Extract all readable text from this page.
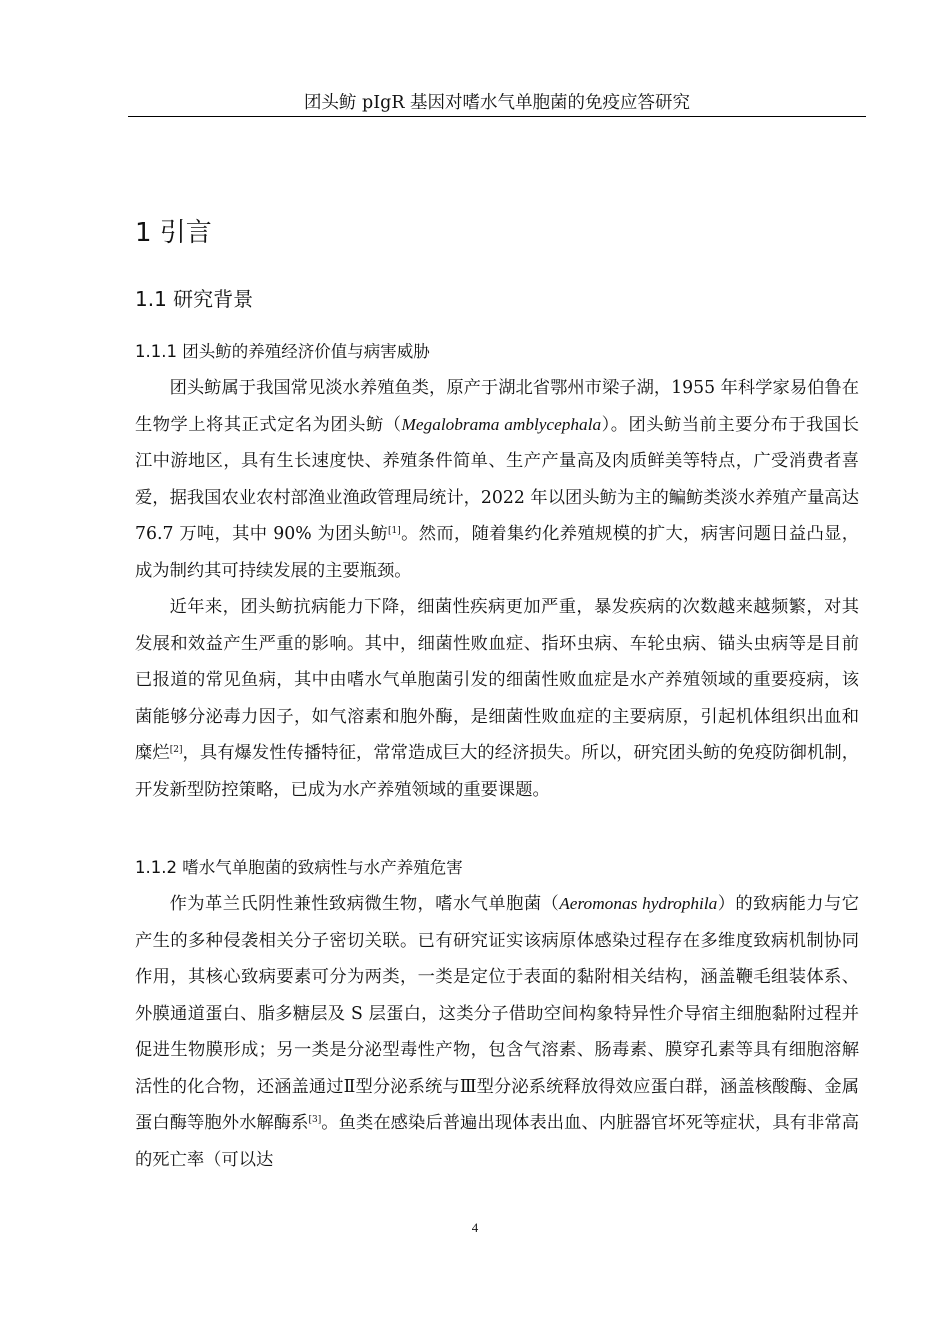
团头鲂 pIgR 基因对嗜水气单胞菌的免疫应答研究
1 引言
1.1 研究背景
1.1.1 团头鲂的养殖经济价值与病害威胁

团头鲂属于我国常见淡水养殖鱼类，原产于湖北省鄂州市梁子湖，1955 年科学家易伯鲁在生物学上将其正式定名为团头鲂（Megalobrama amblycephala）。团头鲂当前主要分布于我国长江中游地区，具有生长速度快、养殖条件简单、生产产量高及肉质鲜美等特点，广受消费者喜爱，据我国农业农村部渔业渔政管理局统计，2022 年以团头鲂为主的鳊鲂类淡水养殖产量高达 76.7 万吨，其中 90% 为团头鲂[1]。然而，随着集约化养殖规模的扩大，病害问题日益凸显，成为制约其可持续发展的主要瓶颈。

近年来，团头鲂抗病能力下降，细菌性疾病更加严重，暴发疾病的次数越来越频繁，对其发展和效益产生严重的影响。其中，细菌性败血症、指环虫病、车轮虫病、锚头虫病等是目前已报道的常见鱼病，其中由嗜水气单胞菌引发的细菌性败血症是水产养殖领域的重要疫病，该菌能够分泌毒力因子，如气溶素和胞外酶，是细菌性败血症的主要病原，引起机体组织出血和糜烂[2]，具有爆发性传播特征，常常造成巨大的经济损失。所以，研究团头鲂的免疫防御机制，开发新型防控策略，已成为水产养殖领域的重要课题。

1.1.2 嗜水气单胞菌的致病性与水产养殖危害

作为革兰氏阴性兼性致病微生物，嗜水气单胞菌（Aeromonas hydrophila）的致病能力与它产生的多种侵袭相关分子密切关联。已有研究证实该病原体感染过程存在多维度致病机制协同作用，其核心致病要素可分为两类，一类是定位于表面的黏附相关结构，涵盖鞭毛组装体系、外膜通道蛋白、脂多糖层及 S 层蛋白，这类分子借助空间构象特异性介导宿主细胞黏附过程并促进生物膜形成；另一类是分泌型毒性产物，包含气溶素、肠毒素、膜穿孔素等具有细胞溶解活性的化合物，还涵盖通过Ⅱ型分泌系统与Ⅲ型分泌系统释放得效应蛋白群，涵盖核酸酶、金属蛋白酶等胞外水解酶系[3]。鱼类在感染后普遍出现体表出血、内脏器官坏死等症状，具有非常高的死亡率（可以达

4
